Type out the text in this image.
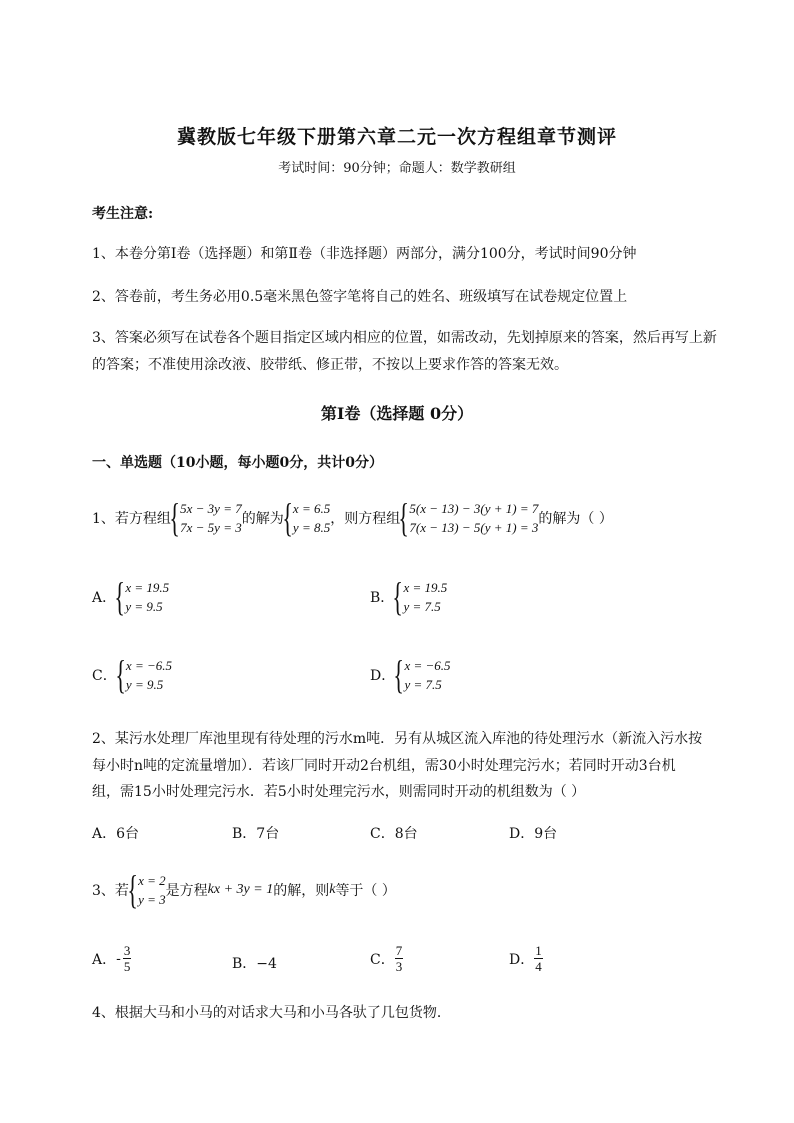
冀教版七年级下册第六章二元一次方程组章节测评
考试时间：90分钟；命题人：数学教研组
考生注意:
1、本卷分第I卷（选择题）和第Ⅱ卷（非选择题）两部分，满分100分，考试时间90分钟
2、答卷前，考生务必用0.5毫米黑色签字笔将自己的姓名、班级填写在试卷规定位置上
3、答案必须写在试卷各个题目指定区域内相应的位置，如需改动，先划掉原来的答案，然后再写上新
的答案；不准使用涂改液、胶带纸、修正带，不按以上要求作答的答案无效。
第I卷（选择题 0分）
一、单选题（10小题，每小题0分，共计0分）
1、若方程组
{ 5x − 3y = 7
7x − 5y = 3
的解为
{ x = 6.5
y = 8.5
，则方程组
{ 5(x − 13) − 3(y + 1) = 7
7(x − 13) − 5(y + 1) = 3
的解为（ ）
A．
{ x = 19.5
y = 9.5
B．
{ x = 19.5
y = 7.5
C．
{ x = −6.5
y = 9.5
D．
{ x = −6.5
y = 7.5
2、某污水处理厂库池里现有待处理的污水m吨．另有从城区流入库池的待处理污水（新流入污水按
每小时n吨的定流量增加）．若该厂同时开动2台机组，需30小时处理完污水；若同时开动3台机
组，需15小时处理完污水．若5小时处理完污水，则需同时开动的机组数为（ ）
A．6台	B．7台	C．8台	D．9台
3、若
{ x = 2
y = 3
是方程 kx + 3y = 1 的解，则 k 等于（ ）
A． - $\frac{3}{5}$	B．−4	C． $\frac{7}{3}$	D． $\frac{1}{4}$
4、根据大马和小马的对话求大马和小马各驮了几包货物．
